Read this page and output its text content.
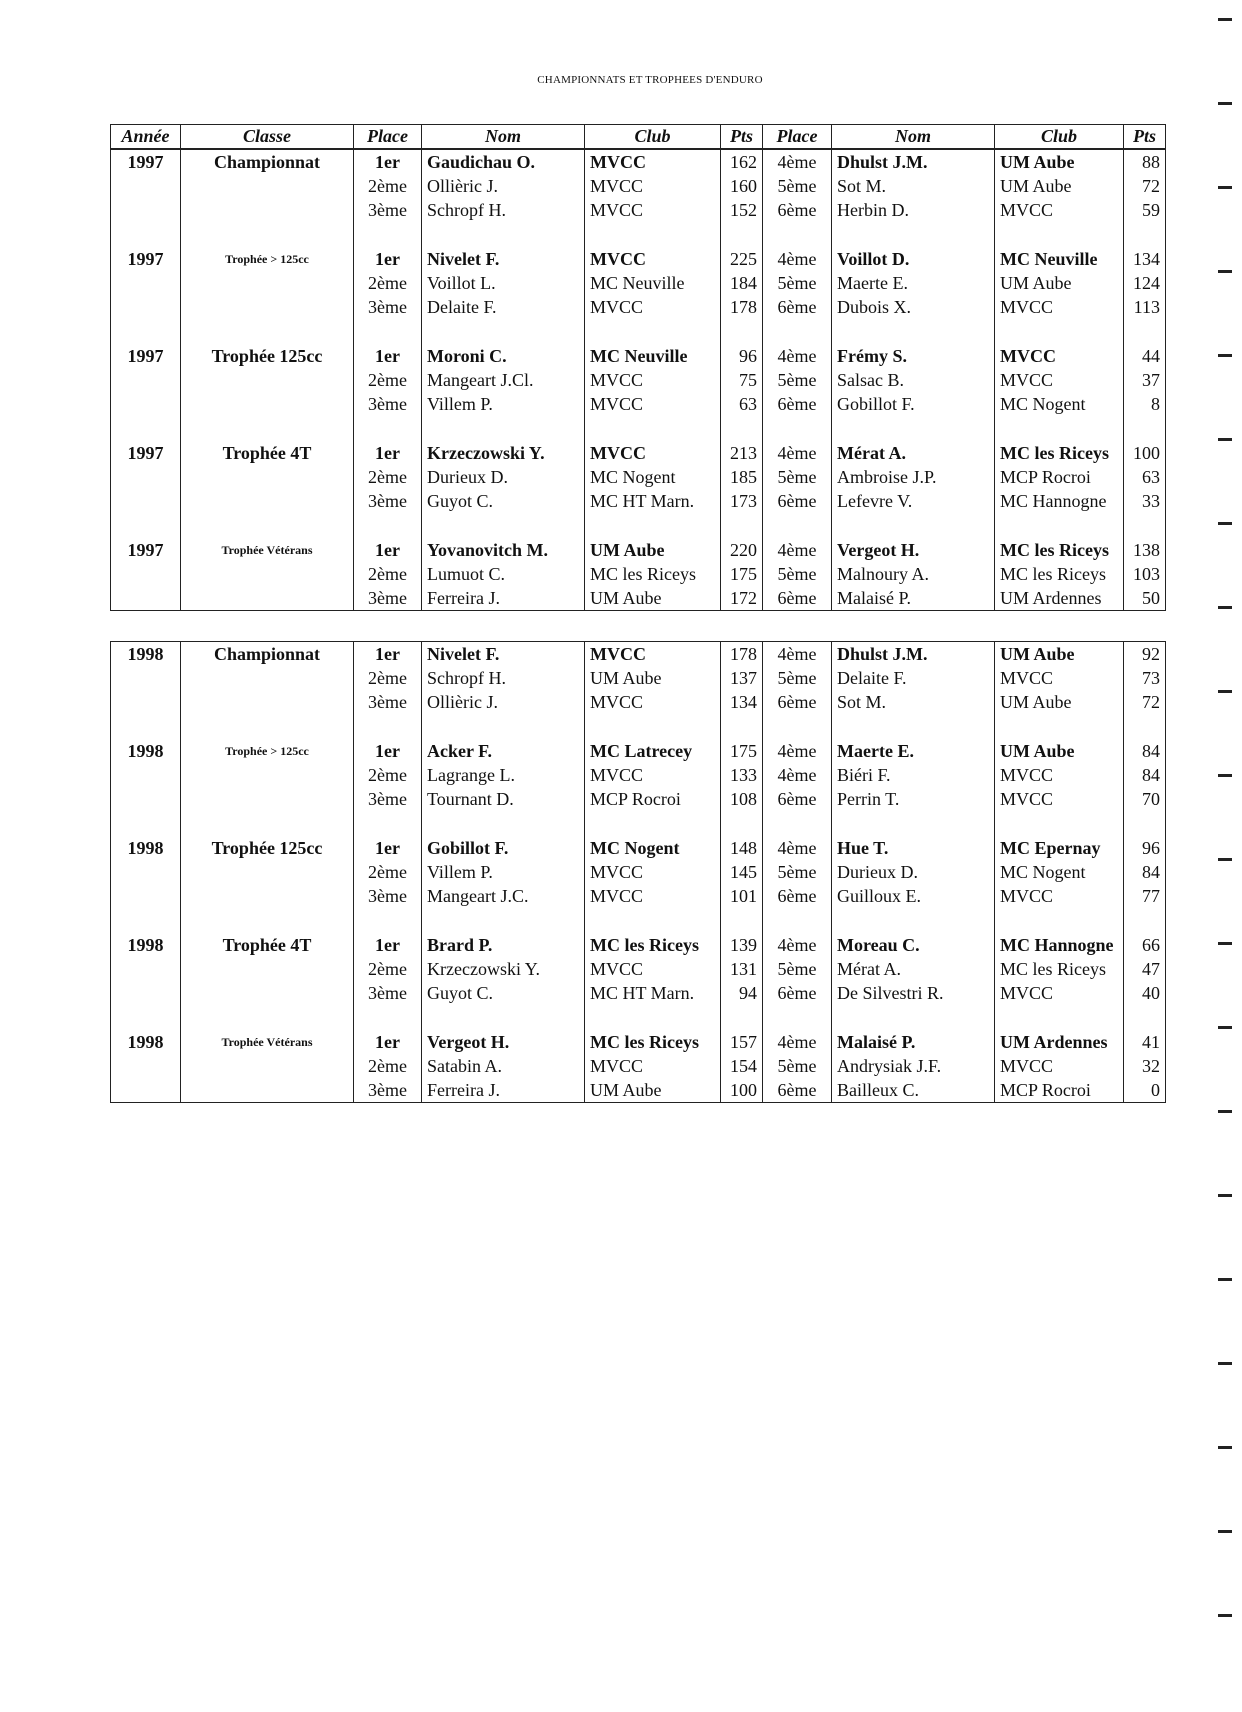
CHAMPIONNATS ET TROPHEES D'ENDURO
Année	Classe	Place	Nom	Club	Pts	Place	Nom	Club	Pts
1997	Championnat	1er	Gaudichau O.	MVCC	162	4ème	Dhulst J.M.	UM Aube	88
		2ème	Ollièric J.	MVCC	160	5ème	Sot M.	UM Aube	72
		3ème	Schropf H.	MVCC	152	6ème	Herbin D.	MVCC	59

1997	Trophée > 125cc	1er	Nivelet F.	MVCC	225	4ème	Voillot D.	MC Neuville	134
		2ème	Voillot L.	MC Neuville	184	5ème	Maerte E.	UM Aube	124
		3ème	Delaite F.	MVCC	178	6ème	Dubois X.	MVCC	113

1997	Trophée 125cc	1er	Moroni C.	MC Neuville	96	4ème	Frémy S.	MVCC	44
		2ème	Mangeart J.Cl.	MVCC	75	5ème	Salsac B.	MVCC	37
		3ème	Villem P.	MVCC	63	6ème	Gobillot F.	MC Nogent	8

1997	Trophée 4T	1er	Krzeczowski Y.	MVCC	213	4ème	Mérat A.	MC les Riceys	100
		2ème	Durieux D.	MC Nogent	185	5ème	Ambroise J.P.	MCP Rocroi	63
		3ème	Guyot C.	MC HT Marn.	173	6ème	Lefevre V.	MC Hannogne	33

1997	Trophée Vétérans	1er	Yovanovitch M.	UM Aube	220	4ème	Vergeot H.	MC les Riceys	138
		2ème	Lumuot C.	MC les Riceys	175	5ème	Malnoury A.	MC les Riceys	103
		3ème	Ferreira J.	UM Aube	172	6ème	Malaisé P.	UM Ardennes	50
1998	Championnat	1er	Nivelet F.	MVCC	178	4ème	Dhulst J.M.	UM Aube	92
		2ème	Schropf H.	UM Aube	137	5ème	Delaite F.	MVCC	73
		3ème	Ollièric J.	MVCC	134	6ème	Sot M.	UM Aube	72

1998	Trophée > 125cc	1er	Acker F.	MC Latrecey	175	4ème	Maerte E.	UM Aube	84
		2ème	Lagrange L.	MVCC	133	4ème	Biéri F.	MVCC	84
		3ème	Tournant D.	MCP Rocroi	108	6ème	Perrin T.	MVCC	70

1998	Trophée 125cc	1er	Gobillot F.	MC Nogent	148	4ème	Hue T.	MC Epernay	96
		2ème	Villem P.	MVCC	145	5ème	Durieux D.	MC Nogent	84
		3ème	Mangeart J.C.	MVCC	101	6ème	Guilloux E.	MVCC	77

1998	Trophée 4T	1er	Brard P.	MC les Riceys	139	4ème	Moreau C.	MC Hannogne	66
		2ème	Krzeczowski Y.	MVCC	131	5ème	Mérat A.	MC les Riceys	47
		3ème	Guyot C.	MC HT Marn.	94	6ème	De Silvestri R.	MVCC	40

1998	Trophée Vétérans	1er	Vergeot H.	MC les Riceys	157	4ème	Malaisé P.	UM Ardennes	41
		2ème	Satabin A.	MVCC	154	5ème	Andrysiak J.F.	MVCC	32
		3ème	Ferreira J.	UM Aube	100	6ème	Bailleux C.	MCP Rocroi	0
